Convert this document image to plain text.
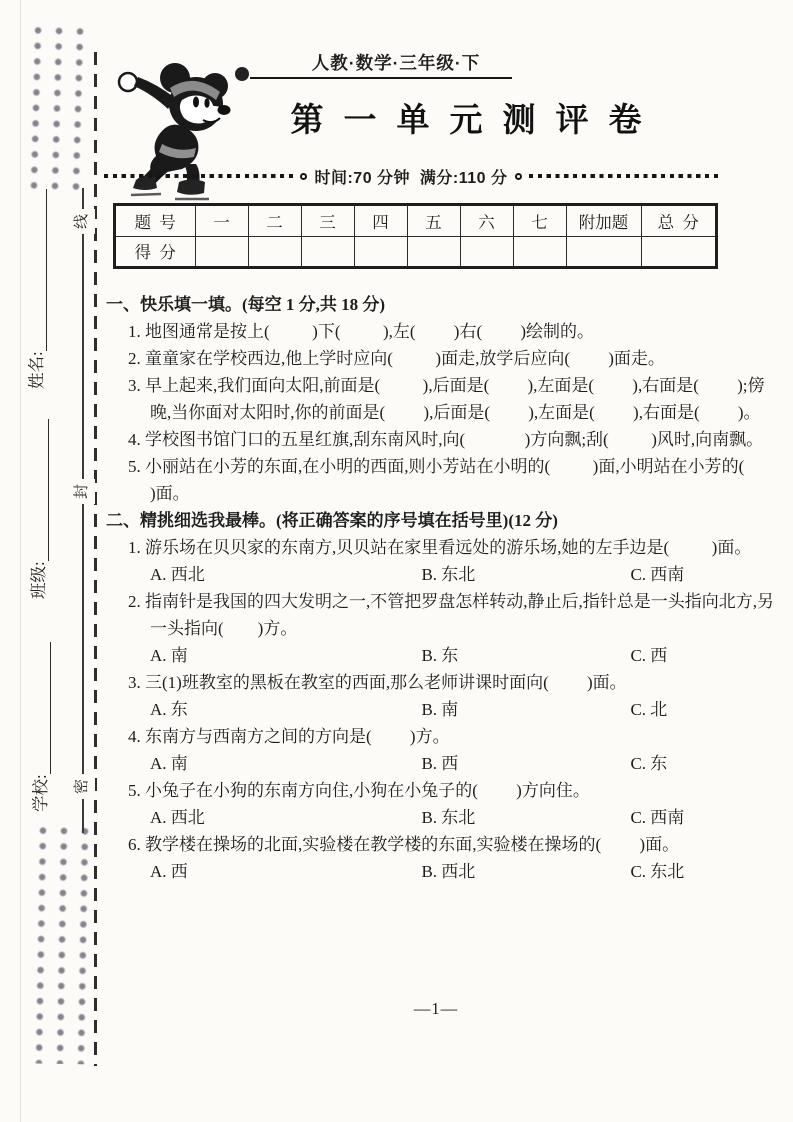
线
封
密
姓名:
班级:
学校:
人教·数学·三年级·下
第一单元测评卷
时间:70 分钟  满分:110 分
题  号	一	二	三	四	五	六	七	附加题	总  分
得  分									
一、快乐填一填。(每空 1 分,共 18 分)
1. 地图通常是按上(          )下(          ),左(         )右(         )绘制的。
2. 童童家在学校西边,他上学时应向(          )面走,放学后应向(         )面走。
3. 早上起来,我们面向太阳,前面是(          ),后面是(         ),左面是(         ),右面是(         );傍晚,当你面对太阳时,你的前面是(         ),后面是(         ),左面是(         ),右面是(         )。
4. 学校图书馆门口的五星红旗,刮东南风时,向(              )方向飘;刮(          )风时,向南飘。
5. 小丽站在小芳的东面,在小明的西面,则小芳站在小明的(          )面,小明站在小芳的(         )面。
二、精挑细选我最棒。(将正确答案的序号填在括号里)(12 分)
1. 游乐场在贝贝家的东南方,贝贝站在家里看远处的游乐场,她的左手边是(          )面。
A. 西北	B. 东北	C. 西南
2. 指南针是我国的四大发明之一,不管把罗盘怎样转动,静止后,指针总是一头指向北方,另一头指向(        )方。
A. 南	B. 东	C. 西
3. 三(1)班教室的黑板在教室的西面,那么老师讲课时面向(         )面。
A. 东	B. 南	C. 北
4. 东南方与西南方之间的方向是(         )方。
A. 南	B. 西	C. 东
5. 小兔子在小狗的东南方向住,小狗在小兔子的(         )方向住。
A. 西北	B. 东北	C. 西南
6. 教学楼在操场的北面,实验楼在教学楼的东面,实验楼在操场的(         )面。
A. 西	B. 西北	C. 东北
—1—
